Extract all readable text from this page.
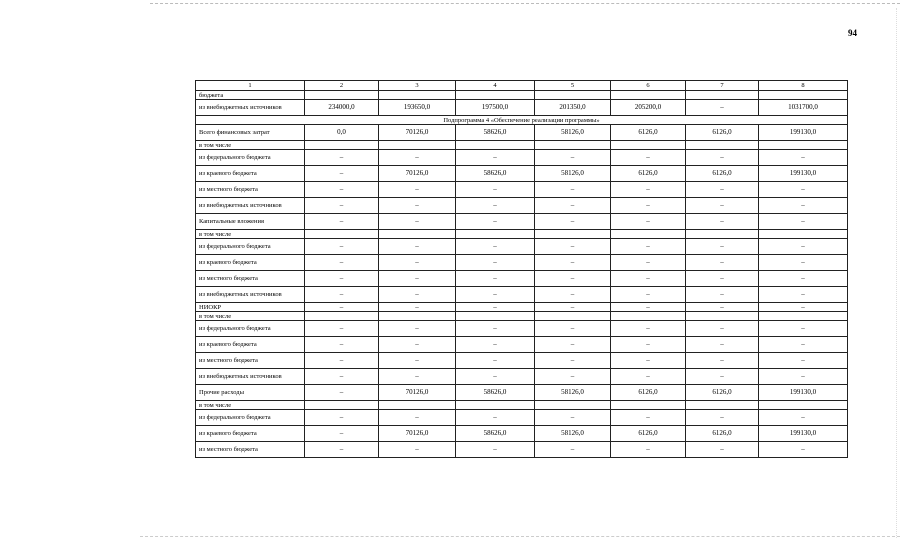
94
1	2	3	4	5	6	7	8
бюджета							
из внебюджетных источников	234000,0	193650,0	197500,0	201350,0	205200,0	–	1031700,0
Подпрограмма 4 «Обеспечение реализации программы»							
Всего финансовых затрат	0,0	70126,0	58626,0	58126,0	6126,0	6126,0	199130,0
в том числе							
из федерального бюджета	–	–	–	–	–	–	–
из краевого бюджета	–	70126,0	58626,0	58126,0	6126,0	6126,0	199130,0
из местного бюджета	–	–	–	–	–	–	–
из внебюджетных источников	–	–	–	–	–	–	–
Капитальные вложения	–	–	–	–	–	–	–
в том числе							
из федерального бюджета	–	–	–	–	–	–	–
из краевого бюджета	–	–	–	–	–	–	–
из местного бюджета	–	–	–	–	–	–	–
из внебюджетных источников	–	–	–	–	–	–	–
НИОКР	–	–	–	–	–	–	–
в том числе							
из федерального бюджета	–	–	–	–	–	–	–
из краевого бюджета	–	–	–	–	–	–	–
из местного бюджета	–	–	–	–	–	–	–
из внебюджетных источников	–	–	–	–	–	–	–
Прочие расходы	–	70126,0	58626,0	58126,0	6126,0	6126,0	199130,0
в том числе							
из федерального бюджета	–	–	–	–	–	–	–
из краевого бюджета	–	70126,0	58626,0	58126,0	6126,0	6126,0	199130,0
из местного бюджета	–	–	–	–	–	–	–
